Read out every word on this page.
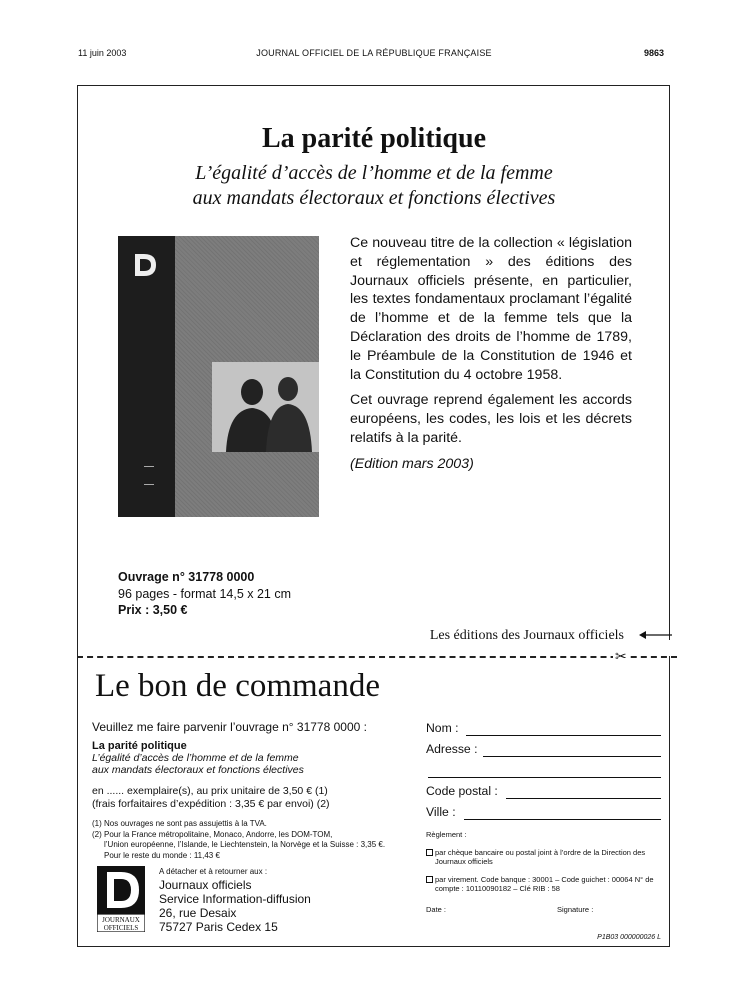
11 juin 2003	JOURNAL OFFICIEL DE LA RÉPUBLIQUE FRANÇAISE	9863
La parité politique
L’égalité d’accès de l’homme et de la femme
aux mandats électoraux et fonctions électives

Ce nouveau titre de la collection « législation et réglementation » des éditions des Journaux officiels présente, en particulier, les textes fondamentaux proclamant l’égalité de l’homme et de la femme tels que la Déclaration des droits de l’homme de 1789, le Préambule de la Constitution de 1946 et la Constitution du 4 octobre 1958.

Cet ouvrage reprend également les accords européens, les codes, les lois et les décrets relatifs à la parité.

(Edition mars 2003)

Ouvrage n° 31778 0000
96 pages - format 14,5 x 21 cm
Prix : 3,50 €
Les éditions des Journaux officiels
✂
Le bon de commande
Veuillez me faire parvenir l’ouvrage n° 31778 0000 :
La parité politique
L’égalité d’accès de l’homme et de la femme
aux mandats électoraux et fonctions électives
en ...... exemplaire(s), au prix unitaire de 3,50 € (1)
(frais forfaitaires d’expédition : 3,35 € par envoi) (2)
(1) Nos ouvrages ne sont pas assujettis à la TVA.
(2) Pour la France métropolitaine, Monaco, Andorre, les DOM-TOM,
l’Union européenne, l’Islande, le Liechtenstein, la Norvège et la Suisse : 3,35 €.
Pour le reste du monde : 11,43 €
JOURNAUX
OFFICIELS
A détacher et à retourner aux :
Journaux officiels
Service Information-diffusion
26, rue Desaix
75727 Paris Cedex 15
Nom :
Adresse :
Code postal :
Ville :
Règlement :
par chèque bancaire ou postal joint à l’ordre de la Direction des Journaux officiels
par virement. Code banque : 30001 – Code guichet : 00064 N° de compte : 10110090182 – Clé RIB : 58
Date :	Signature :
P1B03 000000026 L
